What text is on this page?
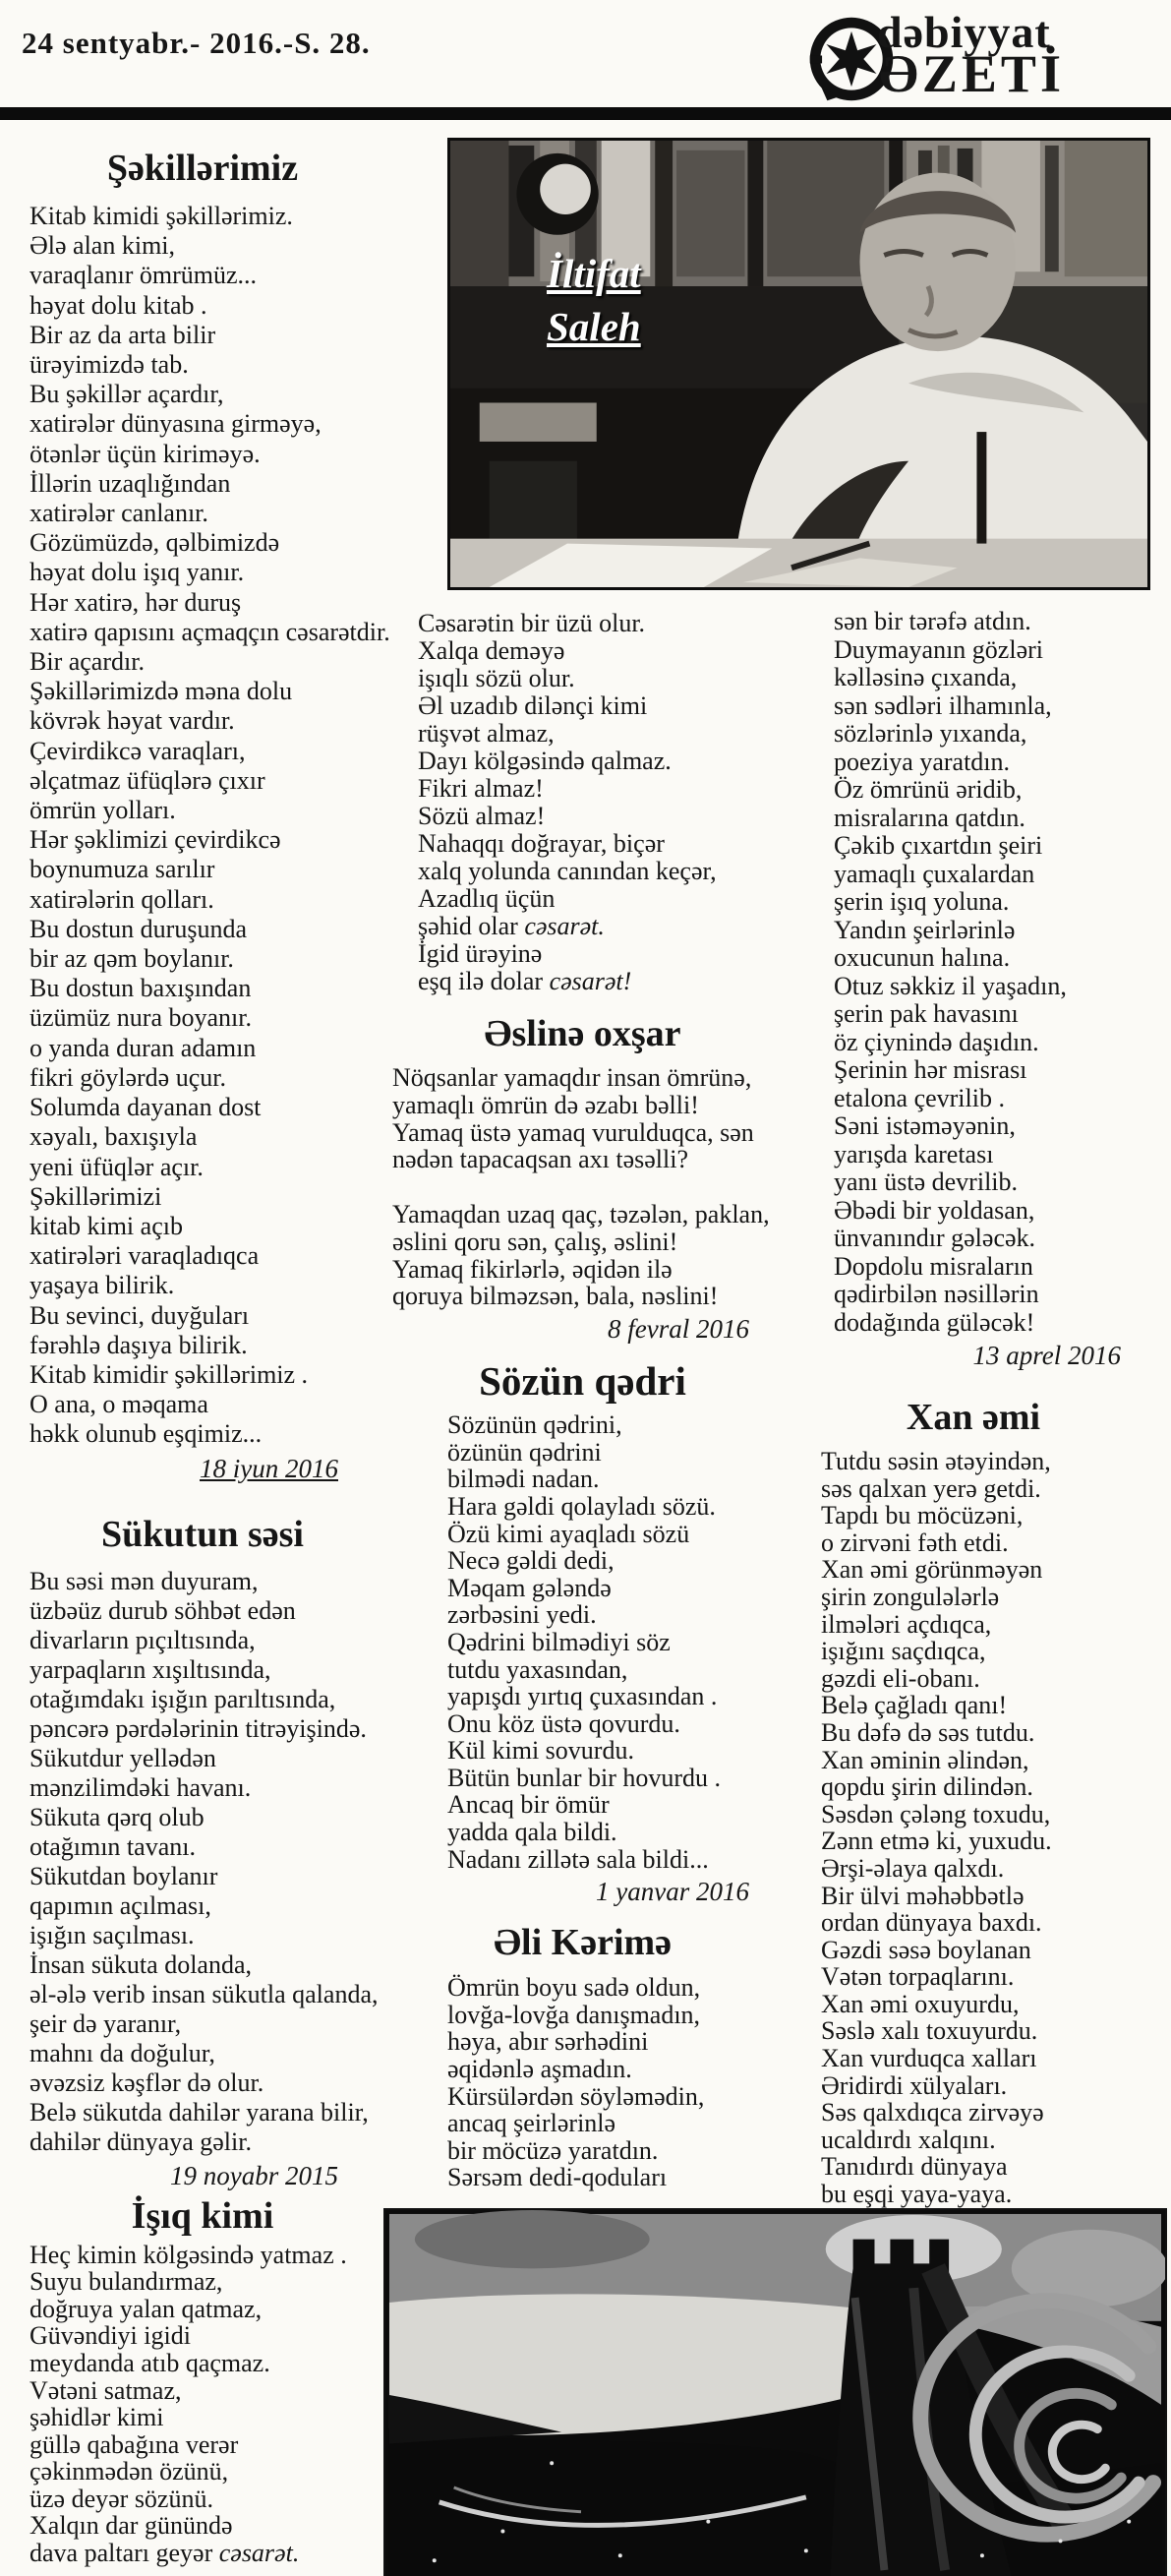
24 sentyabr.- 2016.-S. 28.	dəbiyyat
ƏZETİ
İltifat
Saleh
Şəkillərimiz
Kitab kimidi şəkillərimiz.
Ələ alan kimi,
varaqlanır ömrümüz...
həyat dolu kitab .
Bir az da arta bilir
ürəyimizdə tab.
Bu şəkillər açardır,
xatirələr dünyasına girməyə,
ötənlər üçün kiriməyə.
İllərin uzaqlığından
xatirələr canlanır.
Gözümüzdə, qəlbimizdə
həyat dolu işıq yanır.
Hər xatirə, hər duruş
xatirə qapısını açmaqçın cəsarətdir.
Bir açardır.
Şəkillərimizdə məna dolu
kövrək həyat vardır.
Çevirdikcə varaqları,
əlçatmaz üfüqlərə çıxır
ömrün yolları.
Hər şəklimizi çevirdikcə
boynumuza sarılır
xatirələrin qolları.
Bu dostun duruşunda
bir az qəm boylanır.
Bu dostun baxışından
üzümüz nura boyanır.
o yanda duran adamın
fikri göylərdə uçur.
Solumda dayanan dost
xəyalı, baxışıyla
yeni üfüqlər açır.
Şəkillərimizi
kitab kimi açıb
xatirələri varaqladıqca
yaşaya bilirik.
Bu sevinci, duyğuları
fərəhlə daşıya bilirik.
Kitab kimidir şəkillərimiz .
O ana, o məqama
həkk olunub eşqimiz...
18 iyun 2016
Sükutun səsi
Bu səsi mən duyuram,
üzbəüz durub söhbət edən
divarların pıçıltısında,
yarpaqların xışıltısında,
otağımdakı işığın parıltısında,
pəncərə pərdələrinin titrəyişində.
Sükutdur yellədən
mənzilimdəki havanı.
Sükuta qərq olub
otağımın tavanı.
Sükutdan boylanır
qapımın açılması,
işığın saçılması.
İnsan sükuta dolanda,
əl-ələ verib insan sükutla qalanda,
şeir də yaranır,
mahnı da doğulur,
əvəzsiz kəşflər də olur.
Belə sükutda dahilər yarana bilir,
dahilər dünyaya gəlir.
19 noyabr 2015
İşıq kimi
Heç kimin kölgəsində yatmaz .
Suyu bulandırmaz,
doğruya yalan qatmaz,
Güvəndiyi igidi
meydanda atıb qaçmaz.
Vətəni satmaz,
şəhidlər kimi
güllə qabağına verər
çəkinmədən özünü,
üzə deyər sözünü.
Xalqın dar günündə
dava paltarı geyər cəsarət.
Cəsarətin bir üzü olur.
Xalqa deməyə
işıqlı sözü olur.
Əl uzadıb dilənçi kimi
rüşvət almaz,
Dayı kölgəsində qalmaz.
Fikri almaz!
Sözü almaz!
Nahaqqı doğrayar, biçər
xalq yolunda canından keçər,
Azadlıq üçün
şəhid olar cəsarət.
İgid ürəyinə
eşq ilə dolar cəsarət!
Əslinə oxşar
Nöqsanlar yamaqdır insan ömrünə,
yamaqlı ömrün də əzabı bəlli!
Yamaq üstə yamaq vurulduqca, sən
nədən tapacaqsan axı təsəlli?

Yamaqdan uzaq qaç, təzələn, paklan,
əslini qoru sən, çalış, əslini!
Yamaq fikirlərlə, əqidən ilə
qoruya bilməzsən, bala, nəslini!
8 fevral 2016
Sözün qədri
Sözünün qədrini,
özünün qədrini
bilmədi nadan.
Hara gəldi qolayladı sözü.
Özü kimi ayaqladı sözü
Necə gəldi dedi,
Məqam gələndə
zərbəsini yedi.
Qədrini bilmədiyi söz
tutdu yaxasından,
yapışdı yırtıq çuxasından .
Onu köz üstə qovurdu.
Kül kimi sovurdu.
Bütün bunlar bir hovurdu .
Ancaq bir ömür
yadda qala bildi.
Nadanı zillətə sala bildi...
1 yanvar 2016
Əli Kərimə
Ömrün boyu sadə oldun,
lovğa-lovğa danışmadın,
həya, abır sərhədini
əqidənlə aşmadın.
Kürsülərdən söyləmədin,
ancaq şeirlərinlə
bir möcüzə yaratdın.
Sərsəm dedi-qoduları
sən bir tərəfə atdın.
Duymayanın gözləri
kəlləsinə çıxanda,
sən sədləri ilhamınla,
sözlərinlə yıxanda,
poeziya yaratdın.
Öz ömrünü əridib,
misralarına qatdın.
Çəkib çıxartdın şeiri
yamaqlı çuxalardan
şerin işıq yoluna.
Yandın şeirlərinlə
oxucunun halına.
Otuz səkkiz il yaşadın,
şerin pak havasını
öz çiynində daşıdın.
Şerinin hər misrası
etalona çevrilib .
Səni istəməyənin,
yarışda karetası
yanı üstə devrilib.
Əbədi bir yoldasan,
ünvanındır gələcək.
Dopdolu misraların
qədirbilən nəsillərin
dodağında güləcək!
13 aprel 2016
Xan əmi
Tutdu səsin ətəyindən,
səs qalxan yerə getdi.
Tapdı bu möcüzəni,
o zirvəni fəth etdi.
Xan əmi görünməyən
şirin zongulələrlə
ilmələri açdıqca,
işığını saçdıqca,
gəzdi eli-obanı.
Belə çağladı qanı!
Bu dəfə də səs tutdu.
Xan əminin əlindən,
qopdu şirin dilindən.
Səsdən çələng toxudu,
Zənn etmə ki, yuxudu.
Ərşi-əlaya qalxdı.
Bir ülvi məhəbbətlə
ordan dünyaya baxdı.
Gəzdi səsə boylanan
Vətən torpaqlarını.
Xan əmi oxuyurdu,
Səslə xalı toxuyurdu.
Xan vurduqca xalları
Əridirdi xülyaları.
Səs qalxdıqca zirvəyə
ucaldırdı xalqını.
Tanıdırdı dünyaya
bu eşqi yaya-yaya.
